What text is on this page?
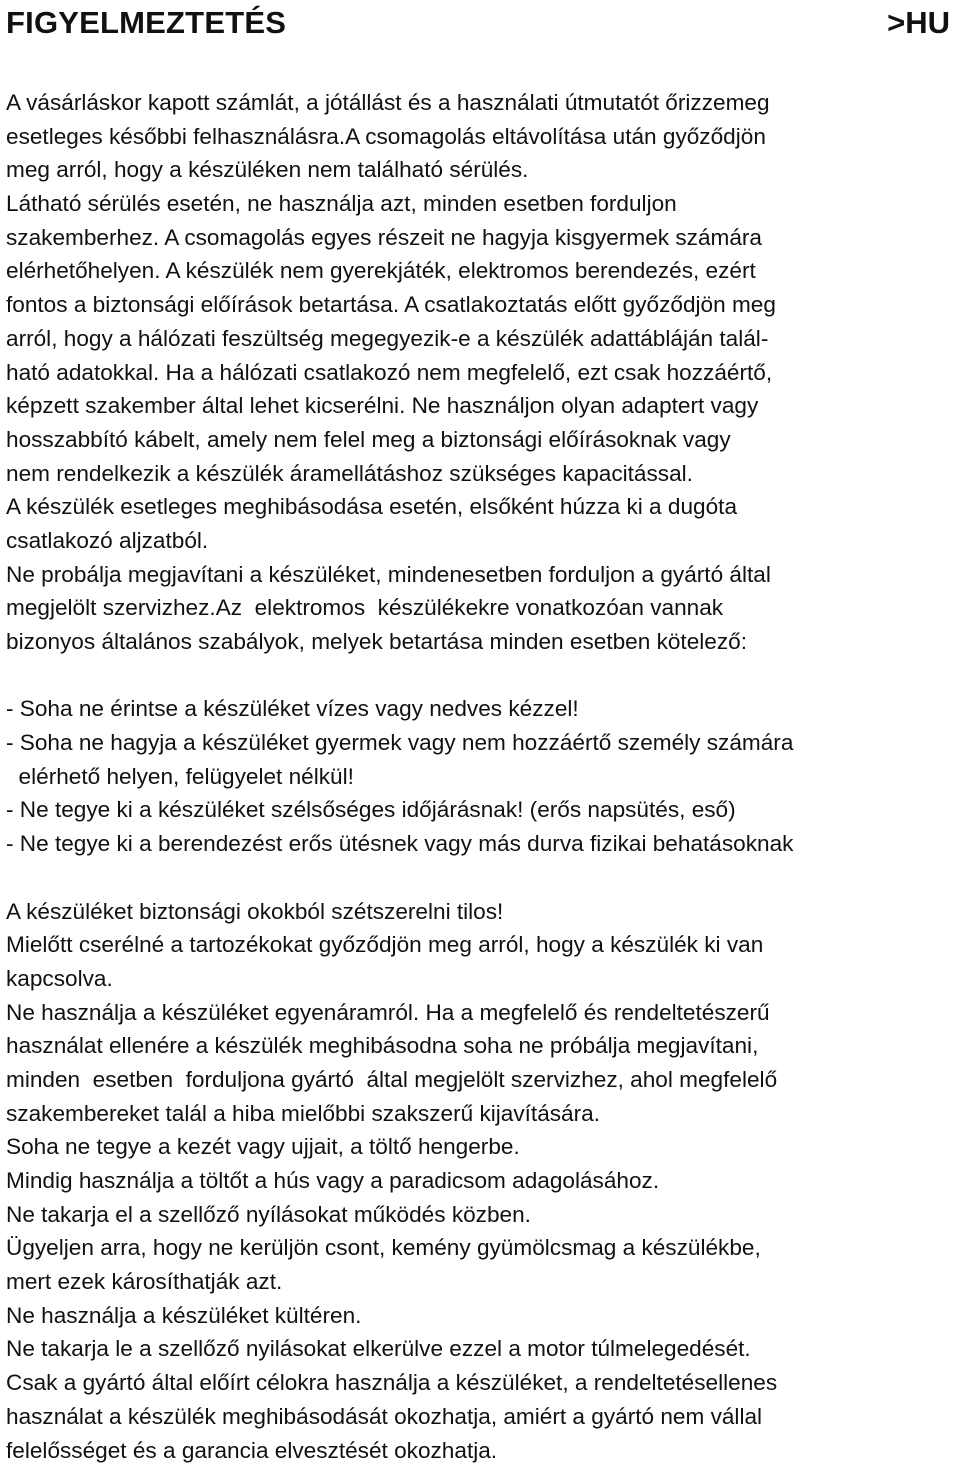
FIGYELMEZTETÉS	>HU
A vásárláskor kapott számlát, a jótállást és a használati útmutatót őrizzemeg
esetleges későbbi felhasználásra.A csomagolás eltávolítása után győződjön
meg arról, hogy a készüléken nem található sérülés.
Látható sérülés esetén, ne használja azt, minden esetben forduljon
szakemberhez. A csomagolás egyes részeit ne hagyja kisgyermek számára
elérhetőhelyen. A készülék nem gyerekjáték, elektromos berendezés, ezért
fontos a biztonsági előírások betartása. A csatlakoztatás előtt győződjön meg
arról, hogy a hálózati feszültség megegyezik-e a készülék adattábláján talál-
ható adatokkal. Ha a hálózati csatlakozó nem megfelelő, ezt csak hozzáértő,
képzett szakember által lehet kicserélni. Ne használjon olyan adaptert vagy
hosszabbító kábelt, amely nem felel meg a biztonsági előírásoknak vagy
nem rendelkezik a készülék áramellátáshoz szükséges kapacitással.
A készülék esetleges meghibásodása esetén, elsőként húzza ki a dugóta
csatlakozó aljzatból.
Ne probálja megjavítani a készüléket, mindenesetben forduljon a gyártó által
megjelölt szervizhez.Az  elektromos  készülékekre vonatkozóan vannak
bizonyos általános szabályok, melyek betartása minden esetben kötelező:
- Soha ne érintse a készüléket vízes vagy nedves kézzel!
- Soha ne hagyja a készüléket gyermek vagy nem hozzáértő személy számára
elérhető helyen, felügyelet nélkül!
- Ne tegye ki a készüléket szélsőséges időjárásnak! (erős napsütés, eső)
- Ne tegye ki a berendezést erős ütésnek vagy más durva fizikai behatásoknak
A készüléket biztonsági okokból szétszerelni tilos!
Mielőtt cserélné a tartozékokat győződjön meg arról, hogy a készülék ki van
kapcsolva.
Ne használja a készüléket egyenáramról. Ha a megfelelő és rendeltetészerű
használat ellenére a készülék meghibásodna soha ne próbálja megjavítani,
minden  esetben  forduljona gyártó  által megjelölt szervizhez, ahol megfelelő
szakembereket talál a hiba mielőbbi szakszerű kijavítására.
Soha ne tegye a kezét vagy ujjait, a töltő hengerbe.
Mindig használja a töltőt a hús vagy a paradicsom adagolásához.
Ne takarja el a szellőző nyílásokat működés közben.
Ügyeljen arra, hogy ne kerüljön csont, kemény gyümölcsmag a készülékbe,
mert ezek károsíthatják azt.
Ne használja a készüléket kültéren.
Ne takarja le a szellőző nyilásokat elkerülve ezzel a motor túlmelegedését.
Csak a gyártó által előírt célokra használja a készüléket, a rendeltetésellenes
használat a készülék meghibásodását okozhatja, amiért a gyártó nem vállal
felelősséget és a garancia elvesztését okozhatja.
